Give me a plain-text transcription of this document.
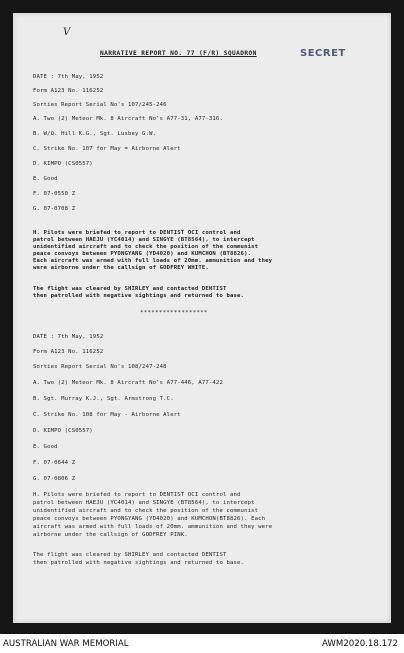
V
NARRATIVE REPORT NO. 77 (F/R) SQUADRON	SECRET
DATE : 7th May, 1952
Form A123 No. 116252
Sorties Report Serial No's 107/245-246
A. Two (2) Meteor Mk. 8 Aircraft No's A77-31, A77-316.
B. W/O. Hill K.G., Sgt. Lusbey G.W.
C. Strike No. 107 for May = Airborne Alert
D. KIMPO (CS0557)
E. Good
F. 07-0550 Z
G. 07-0708 Z
H. Pilots were briefed to report to DENTIST OCI control and
patrol between HAEJU (YC4014) and SINGYE (BT8564), to intercept
unidentified aircraft and to check the position of the communist
peace convoys between PYONGYANG (YD4020) and KUMCHON (BT8826).
Each aircraft was armed with full loads of 20mm. ammunition and they
were airborne under the callsign of GODFREY WHITE.
The flight was cleared by SHIRLEY and contacted DENTIST
then patrolled with negative sightings and returned to base.
******************
DATE : 7th May, 1952
Form A123 No. 116252
Sorties Report Serial No's 108/247-248
A. Two (2) Meteor Mk. 8 Aircraft No's A77-446, A77-422
B. Sgt. Murray K.J., Sgt. Armstrong T.C.
C. Strike No. 108 for May - Airborne Alert
D. KIMPO (CS0557)
E. Good
F. 07-0644 Z
G. 07-0806 Z
H. Pilots were briefed to report to DENTIST OCI control and
patrol between HAEJU (YC4014) and SINGYE (BT8564), to intercept
unidentified aircraft and to check the position of the communist
peace convoys between PYONGYANG (YD4020) and KUMCHON(BT8826). Each
aircraft was armed with full loads of 20mm. ammunition and they were
airborne under the callsign of GODFREY PINK.
The flight was cleared by SHIRLEY and contacted DENTIST
then patrolled with negative sightings and returned to base.
AUSTRALIAN WAR MEMORIAL	AWM2020.18.172
